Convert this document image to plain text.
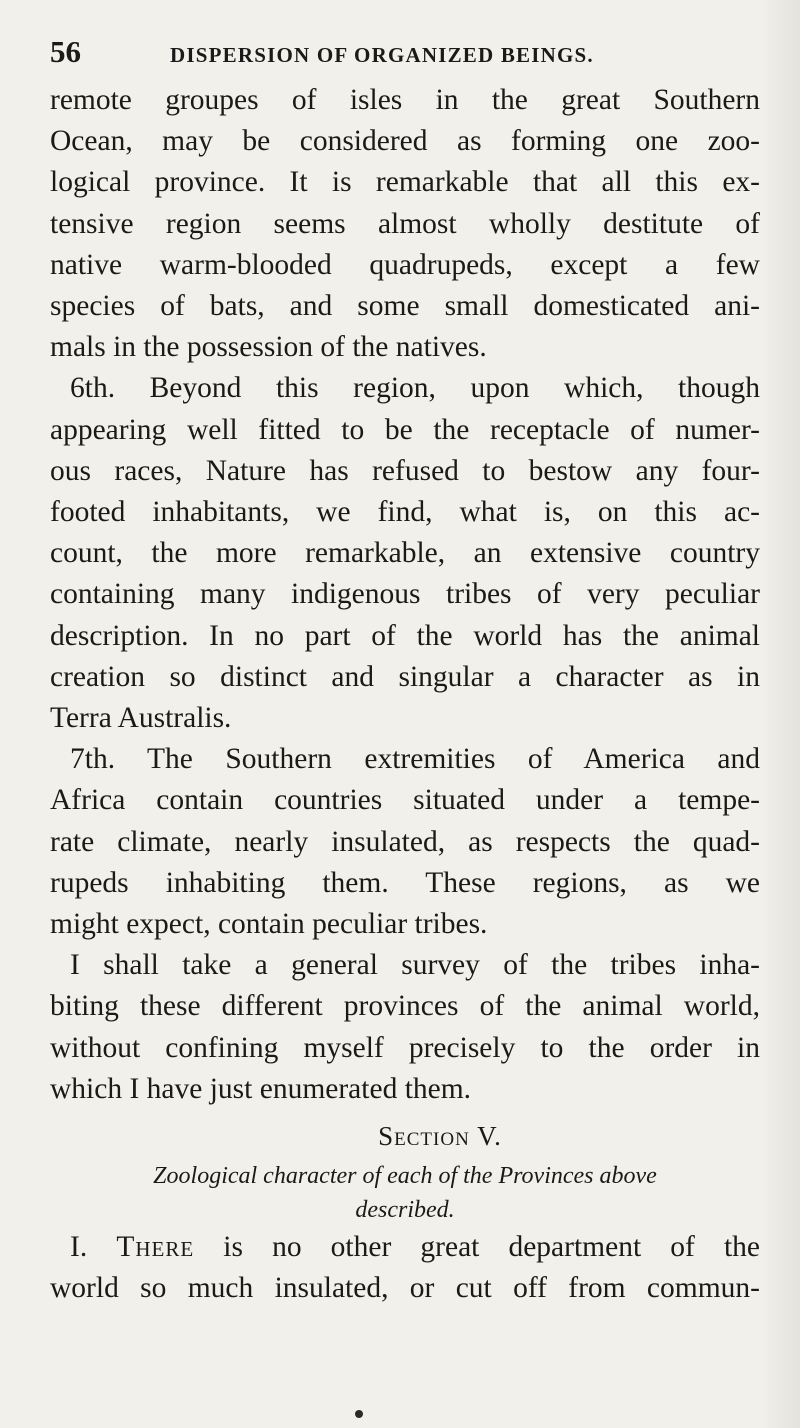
56	DISPERSION OF ORGANIZED BEINGS.
remote groupes of isles in the great Southern
Ocean, may be considered as forming one zoo-
logical province. It is remarkable that all this ex-
tensive region seems almost wholly destitute of
native warm-blooded quadrupeds, except a few
species of bats, and some small domesticated ani-
mals in the possession of the natives.
6th. Beyond this region, upon which, though
appearing well fitted to be the receptacle of numer-
ous races, Nature has refused to bestow any four-
footed inhabitants, we find, what is, on this ac-
count, the more remarkable, an extensive country
containing many indigenous tribes of very peculiar
description. In no part of the world has the animal
creation so distinct and singular a character as in
Terra Australis.
7th. The Southern extremities of America and
Africa contain countries situated under a tempe-
rate climate, nearly insulated, as respects the quad-
rupeds inhabiting them. These regions, as we
might expect, contain peculiar tribes.
I shall take a general survey of the tribes inha-
biting these different provinces of the animal world,
without confining myself precisely to the order in
which I have just enumerated them.
Section V.
Zoological character of each of the Provinces above
described.
I. There is no other great department of the
world so much insulated, or cut off from commun-
